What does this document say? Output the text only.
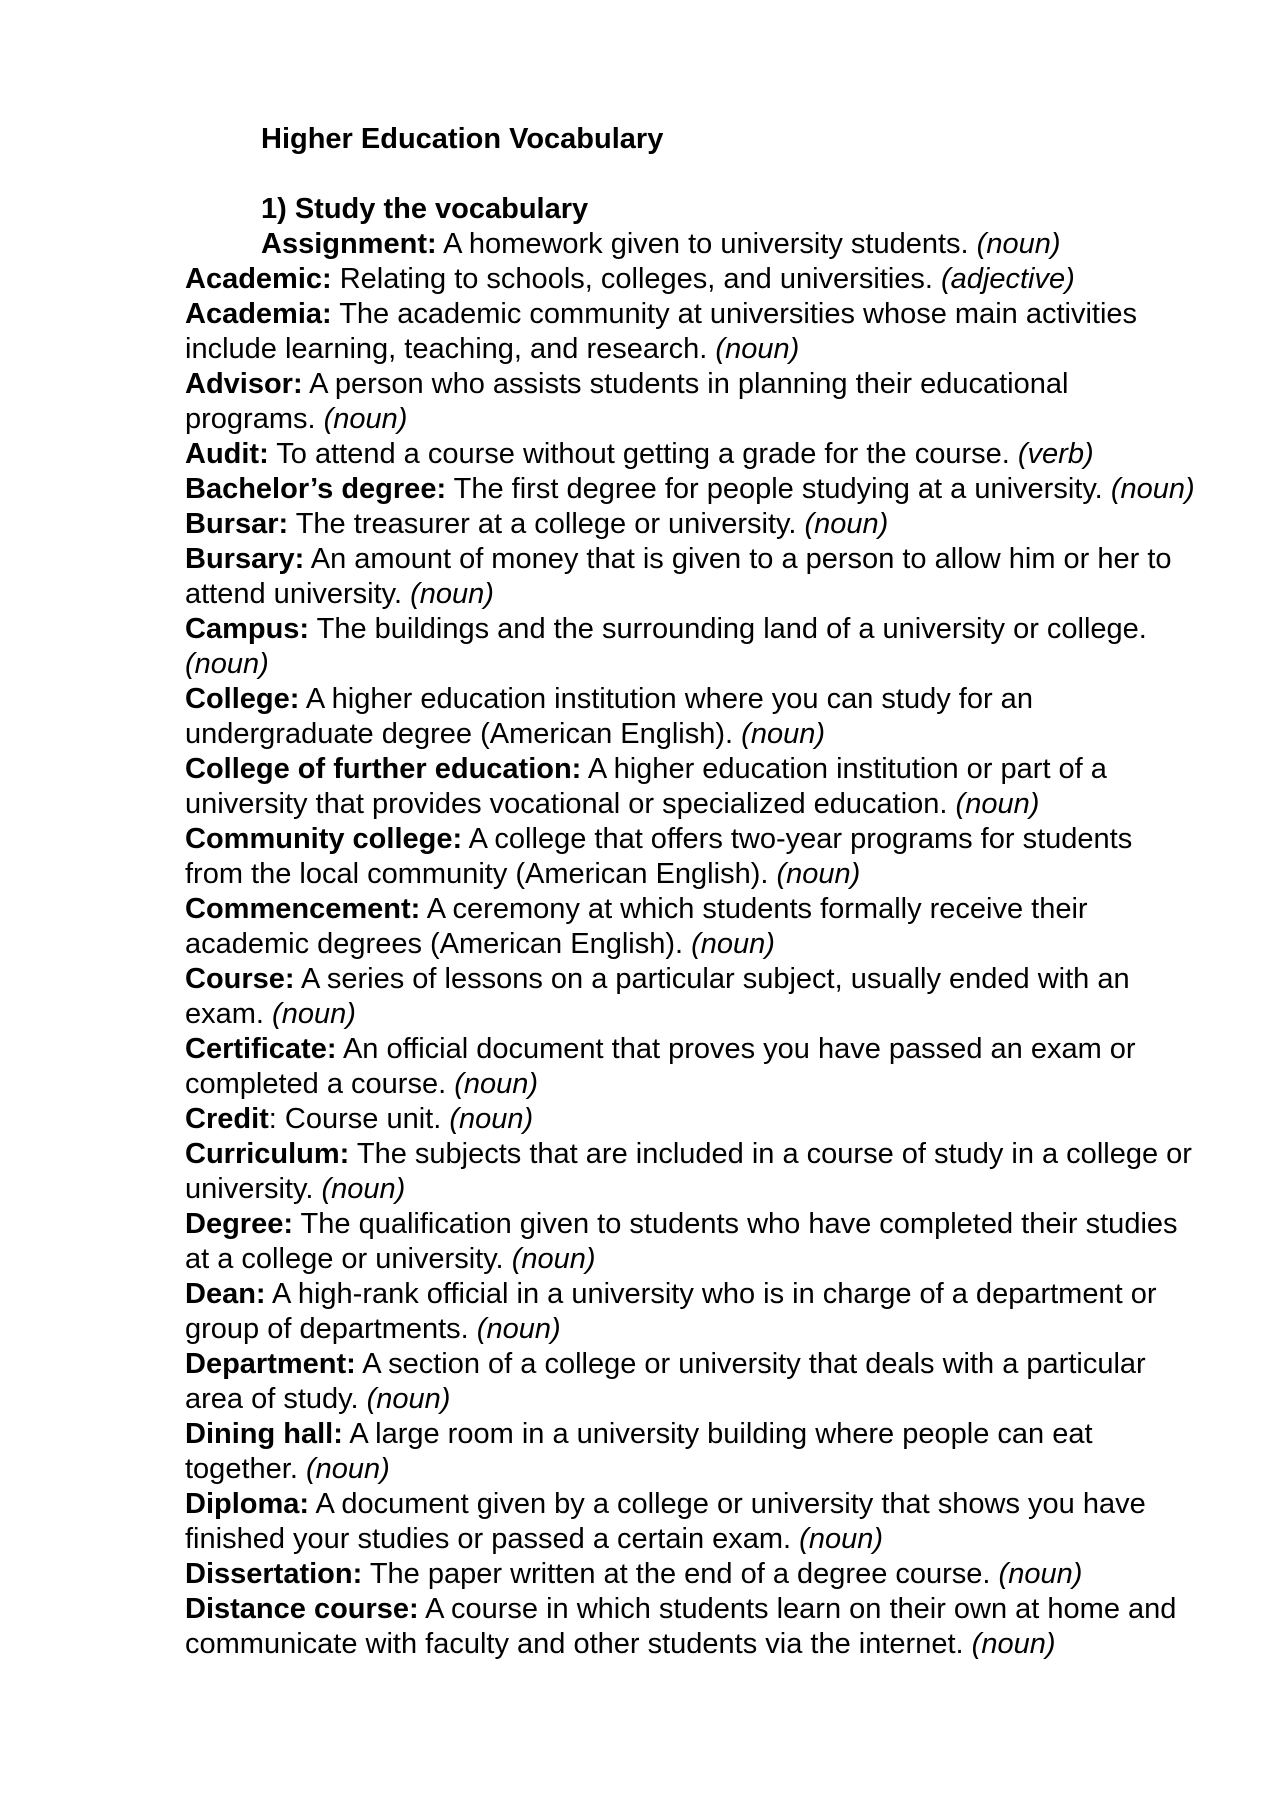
Higher Education Vocabulary

1) Study the vocabulary

Assignment: A homework given to university students. (noun)

Academic: Relating to schools, colleges, and universities. (adjective)

Academia: The academic community at universities whose main activities include learning, teaching, and research. (noun)

Advisor: A person who assists students in planning their educational programs. (noun)

Audit: To attend a course without getting a grade for the course. (verb)

Bachelor’s degree: The first degree for people studying at a university. (noun)

Bursar: The treasurer at a college or university. (noun)

Bursary: An amount of money that is given to a person to allow him or her to attend university. (noun)

Campus: The buildings and the surrounding land of a university or college. (noun)

College: A higher education institution where you can study for an undergraduate degree (American English). (noun)

College of further education: A higher education institution or part of a university that provides vocational or specialized education. (noun)

Community college: A college that offers two-year programs for students from the local community (American English). (noun)

Commencement: A ceremony at which students formally receive their academic degrees (American English). (noun)

Course: A series of lessons on a particular subject, usually ended with an exam. (noun)

Certificate: An official document that proves you have passed an exam or completed a course. (noun)

Credit: Course unit. (noun)

Curriculum: The subjects that are included in a course of study in a college or university. (noun)

Degree: The qualification given to students who have completed their studies at a college or university. (noun)

Dean: A high-rank official in a university who is in charge of a department or group of departments. (noun)

Department: A section of a college or university that deals with a particular area of study. (noun)

Dining hall: A large room in a university building where people can eat together. (noun)

Diploma: A document given by a college or university that shows you have finished your studies or passed a certain exam. (noun)

Dissertation: The paper written at the end of a degree course. (noun)

Distance course: A course in which students learn on their own at home and communicate with faculty and other students via the internet. (noun)
